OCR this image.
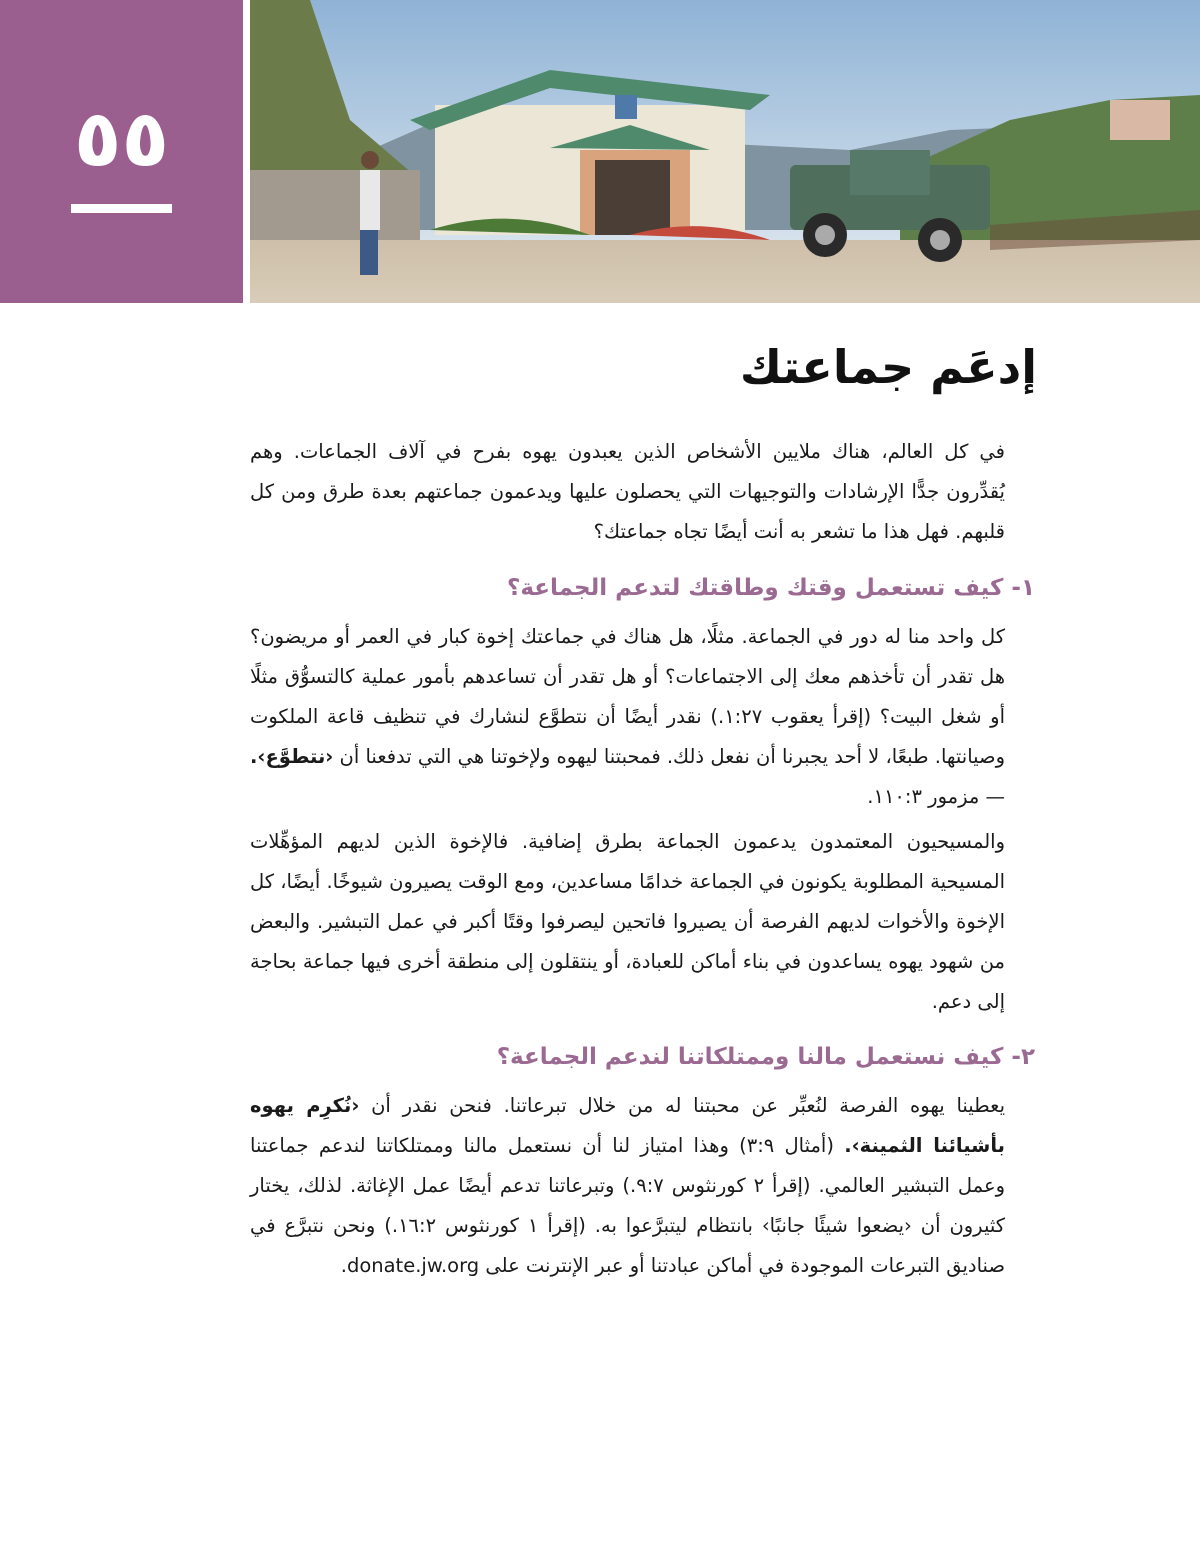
٥٥
إدعَم جماعتك

في كل العالم، هناك ملايين الأشخاص الذين يعبدون يهوه بفرح في آلاف الجماعات. وهم يُقدِّرون جدًّا الإرشادات والتوجيهات التي يحصلون عليها ويدعمون جماعتهم بعدة طرق ومن كل قلبهم. فهل هذا ما تشعر به أنت أيضًا تجاه جماعتك؟

١- كيف تستعمل وقتك وطاقتك لتدعم الجماعة؟

كل واحد منا له دور في الجماعة. مثلًا، هل هناك في جماعتك إخوة كبار في العمر أو مريضون؟ هل تقدر أن تأخذهم معك إلى الاجتماعات؟ أو هل تقدر أن تساعدهم بأمور عملية كالتسوُّق مثلًا أو شغل البيت؟ (إقرأ يعقوب ١:٢٧.) نقدر أيضًا أن نتطوَّع لنشارك في تنظيف قاعة الملكوت وصيانتها. طبعًا، لا أحد يجبرنا أن نفعل ذلك. فمحبتنا ليهوه ولإخوتنا هي التي تدفعنا أن ‹نتطوَّع›. — مزمور ١١٠:٣.

والمسيحيون المعتمدون يدعمون الجماعة بطرق إضافية. فالإخوة الذين لديهم المؤهِّلات المسيحية المطلوبة يكونون في الجماعة خدامًا مساعدين، ومع الوقت يصيرون شيوخًا. أيضًا، كل الإخوة والأخوات لديهم الفرصة أن يصيروا فاتحين ليصرفوا وقتًا أكبر في عمل التبشير. والبعض من شهود يهوه يساعدون في بناء أماكن للعبادة، أو ينتقلون إلى منطقة أخرى فيها جماعة بحاجة إلى دعم.

٢- كيف نستعمل مالنا وممتلكاتنا لندعم الجماعة؟

يعطينا يهوه الفرصة لنُعبِّر عن محبتنا له من خلال تبرعاتنا. فنحن نقدر أن ‹نُكرِم يهوه بأشيائنا الثمينة›. (أمثال ٣:٩) وهذا امتياز لنا أن نستعمل مالنا وممتلكاتنا لندعم جماعتنا وعمل التبشير العالمي. (إقرأ ٢ كورنثوس ٩:٧.) وتبرعاتنا تدعم أيضًا عمل الإغاثة. لذلك، يختار كثيرون أن ‹يضعوا شيئًا جانبًا› بانتظام ليتبرَّعوا به. (إقرأ ١ كورنثوس ١٦:٢.) ونحن نتبرَّع في صناديق التبرعات الموجودة في أماكن عبادتنا أو عبر الإنترنت على donate.jw.org.
